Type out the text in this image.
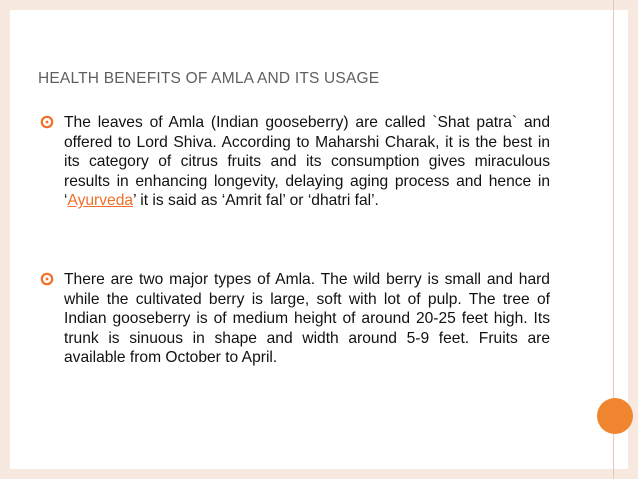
HEALTH BENEFITS OF AMLA AND ITS USAGE
The leaves of Amla (Indian gooseberry) are called `Shat patra` and offered to Lord Shiva. According to Maharshi Charak, it is the best in its category of citrus fruits and its consumption gives miraculous results in enhancing longevity, delaying aging process and hence in ‘Ayurveda’ it is said as ‘Amrit fal’ or ‘dhatri fal’.
There are two major types of Amla. The wild berry is small and hard while the cultivated berry is large, soft with lot of pulp. The tree of Indian gooseberry is of medium height of around 20-25 feet high. Its trunk is sinuous in shape and width around 5-9 feet. Fruits are available from October to April.
